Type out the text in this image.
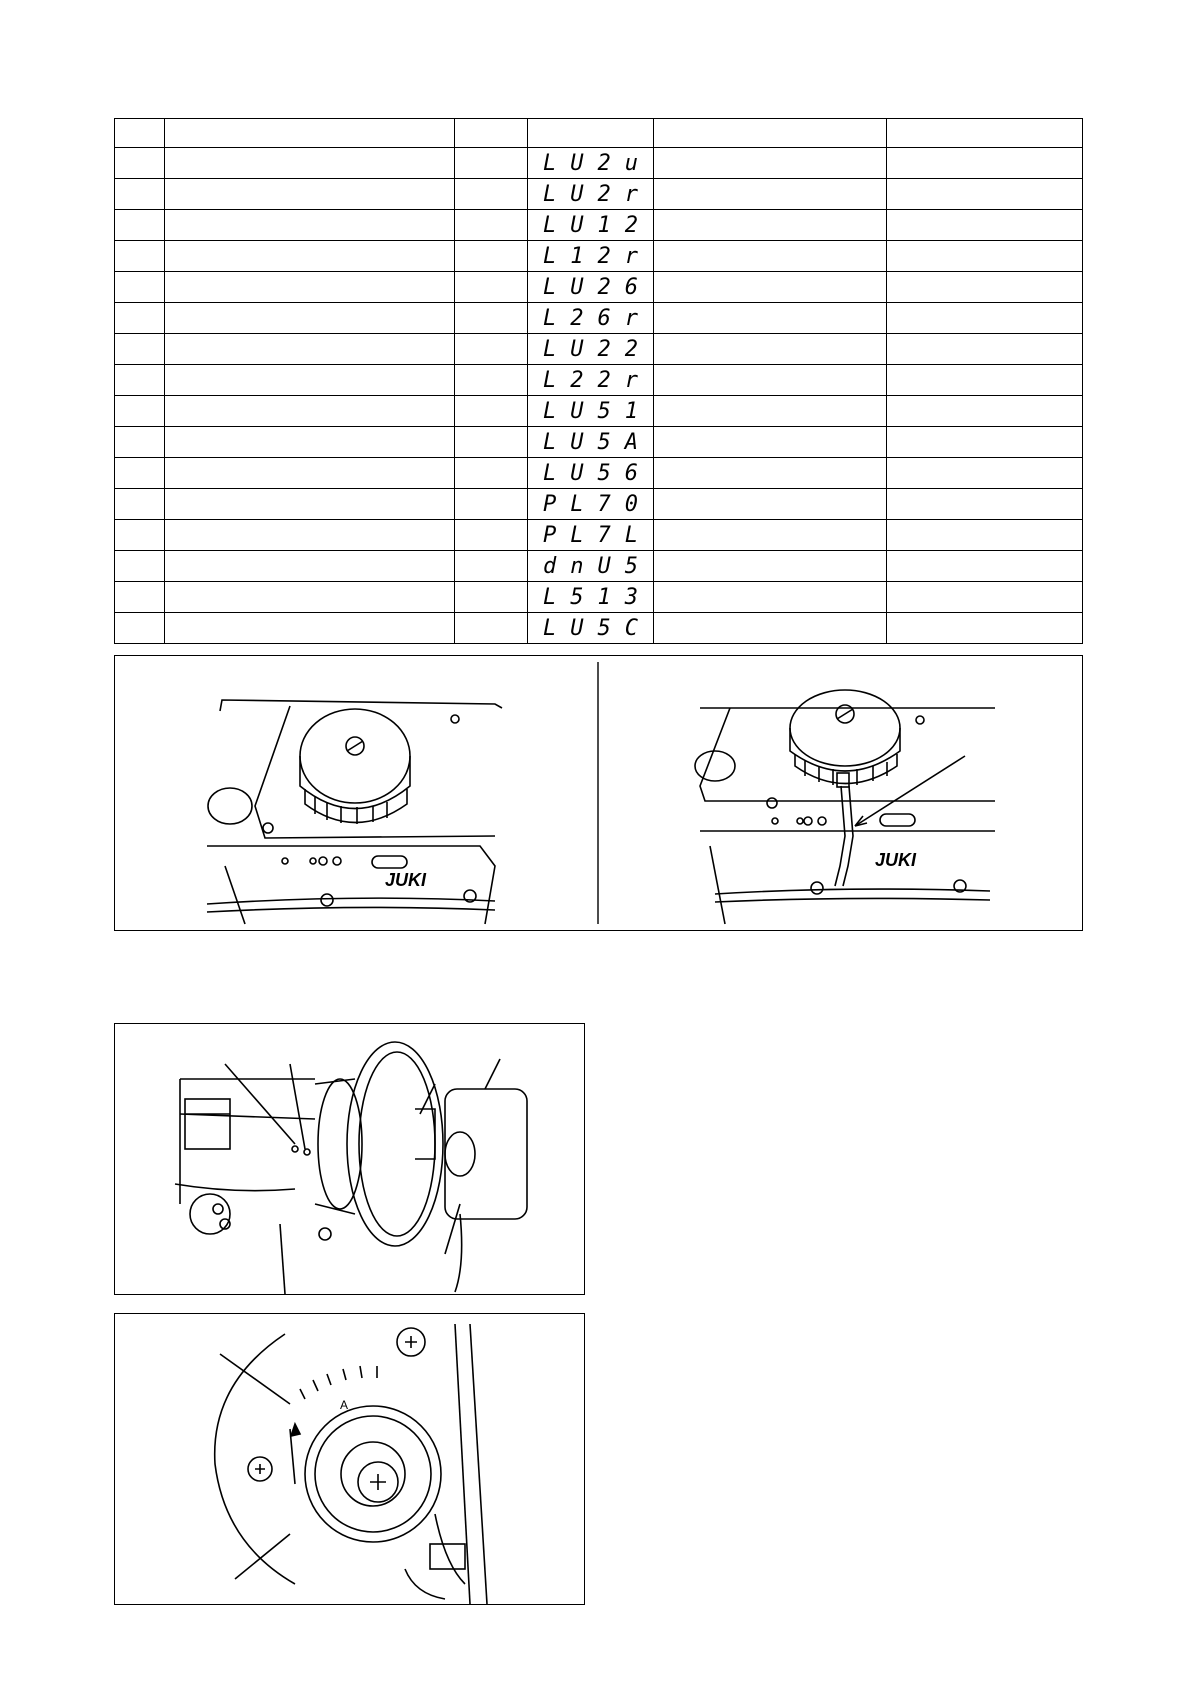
			LU2u		
			LU2r		
			LU12		
			L12r		
			LU26		
			L26r		
			LU22		
			L22r		
			LU51		
			LU5A		
			LU56		
			PL70		
			PL7L		
			dnU5		
			L513		
			LU5C		
JUKI
JUKI
A
